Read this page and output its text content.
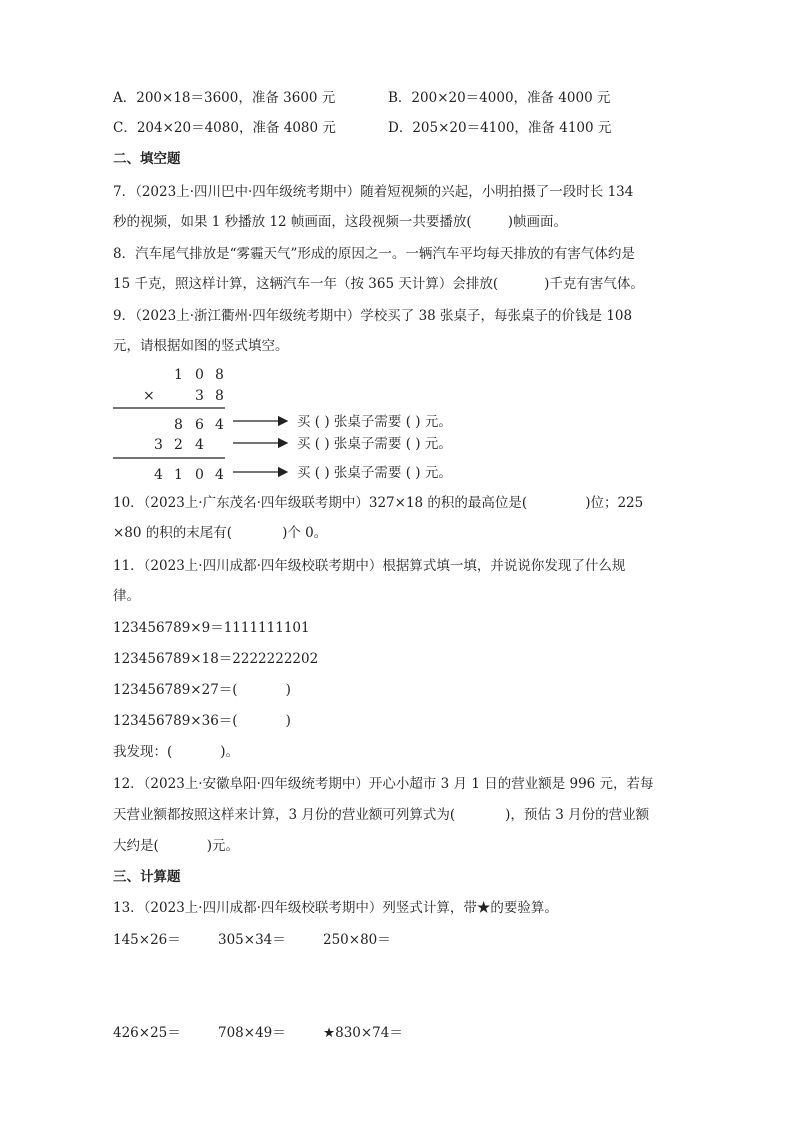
A．200×18＝3600，准备 3600 元	B．200×20＝4000，准备 4000 元
C．204×20＝4080，准备 4080 元	D．205×20＝4100，准备 4100 元
二、填空题
7．（2023上·四川巴中·四年级统考期中）随着短视频的兴起，小明拍摄了一段时长 134
秒的视频，如果 1 秒播放 12 帧画面，这段视频一共要播放(	)帧画面。
8．汽车尾气排放是“雾霾天气”形成的原因之一。一辆汽车平均每天排放的有害气体约是
15 千克，照这样计算，这辆汽车一年（按 365 天计算）会排放(	)千克有害气体。
9．（2023上·浙江衢州·四年级统考期中）学校买了 38 张桌子，每张桌子的价钱是 108
元，请根据如图的竖式填空。
1 0 8
×	3 8
8 6 4
3 2 4
4 1 0 4
买 ( ) 张桌子需要 ( ) 元。
买 ( ) 张桌子需要 ( ) 元。
买 ( ) 张桌子需要 ( ) 元。
10．（2023上·广东茂名·四年级联考期中）327×18 的积的最高位是(	)位；225
×80 的积的末尾有(	)个 0。
11．（2023上·四川成都·四年级校联考期中）根据算式填一填，并说说你发现了什么规
律。
123456789×9＝1111111101
123456789×18＝2222222202
123456789×27＝(	)
123456789×36＝(	)
我发现：(	)。
12．（2023上·安徽阜阳·四年级统考期中）开心小超市 3 月 1 日的营业额是 996 元，若每
天营业额都按照这样来计算，3 月份的营业额可列算式为(	)，预估 3 月份的营业额
大约是(	)元。
三、计算题
13．（2023上·四川成都·四年级校联考期中）列竖式计算，带★的要验算。
145×26＝	305×34＝	250×80＝
426×25＝	708×49＝	★830×74＝
